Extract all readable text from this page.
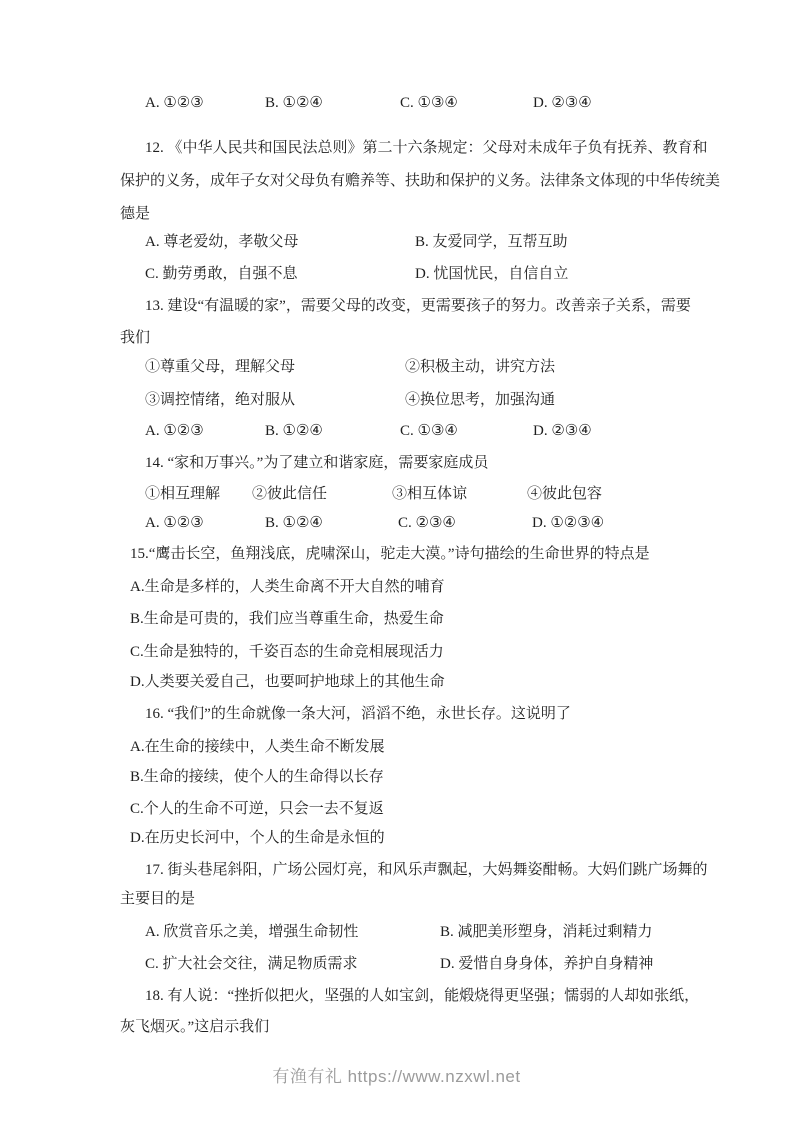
A. ①②③	B. ①②④	C. ①③④	D. ②③④
12. 《中华人民共和国民法总则》第二十六条规定：父母对未成年子负有抚养、教育和
保护的义务，成年子女对父母负有赡养等、扶助和保护的义务。法律条文体现的中华传统美
德是
A. 尊老爱幼，孝敬父母	B. 友爱同学，互帮互助
C. 勤劳勇敢，自强不息	D. 忧国忧民，自信自立
13. 建设“有温暖的家”，需要父母的改变，更需要孩子的努力。改善亲子关系，需要
我们
①尊重父母，理解父母	②积极主动，讲究方法
③调控情绪，绝对服从	④换位思考，加强沟通
A. ①②③	B. ①②④	C. ①③④	D. ②③④
14. “家和万事兴。”为了建立和谐家庭，需要家庭成员
①相互理解 ②彼此信任	③相互体谅	④彼此包容
A. ①②③	B. ①②④	C. ②③④	D. ①②③④
15.“鹰击长空，鱼翔浅底，虎啸深山，驼走大漠。”诗句描绘的生命世界的特点是
A.生命是多样的，人类生命离不开大自然的哺育
B.生命是可贵的，我们应当尊重生命，热爱生命
C.生命是独特的，千姿百态的生命竞相展现活力
D.人类要关爱自己，也要呵护地球上的其他生命
16. “我们”的生命就像一条大河，滔滔不绝，永世长存。这说明了
A.在生命的接续中，人类生命不断发展
B.生命的接续，使个人的生命得以长存
C.个人的生命不可逆，只会一去不复返
D.在历史长河中，个人的生命是永恒的
17. 街头巷尾斜阳，广场公园灯亮，和风乐声飘起，大妈舞姿酣畅。大妈们跳广场舞的
主要目的是
A. 欣赏音乐之美，增强生命韧性	B. 减肥美形塑身，消耗过剩精力
C. 扩大社会交往，满足物质需求	D. 爱惜自身身体，养护自身精神
18. 有人说：“挫折似把火，坚强的人如宝剑，能煅烧得更坚强；懦弱的人却如张纸，
灰飞烟灭。”这启示我们
有渔有礼 https://www.nzxwl.net
